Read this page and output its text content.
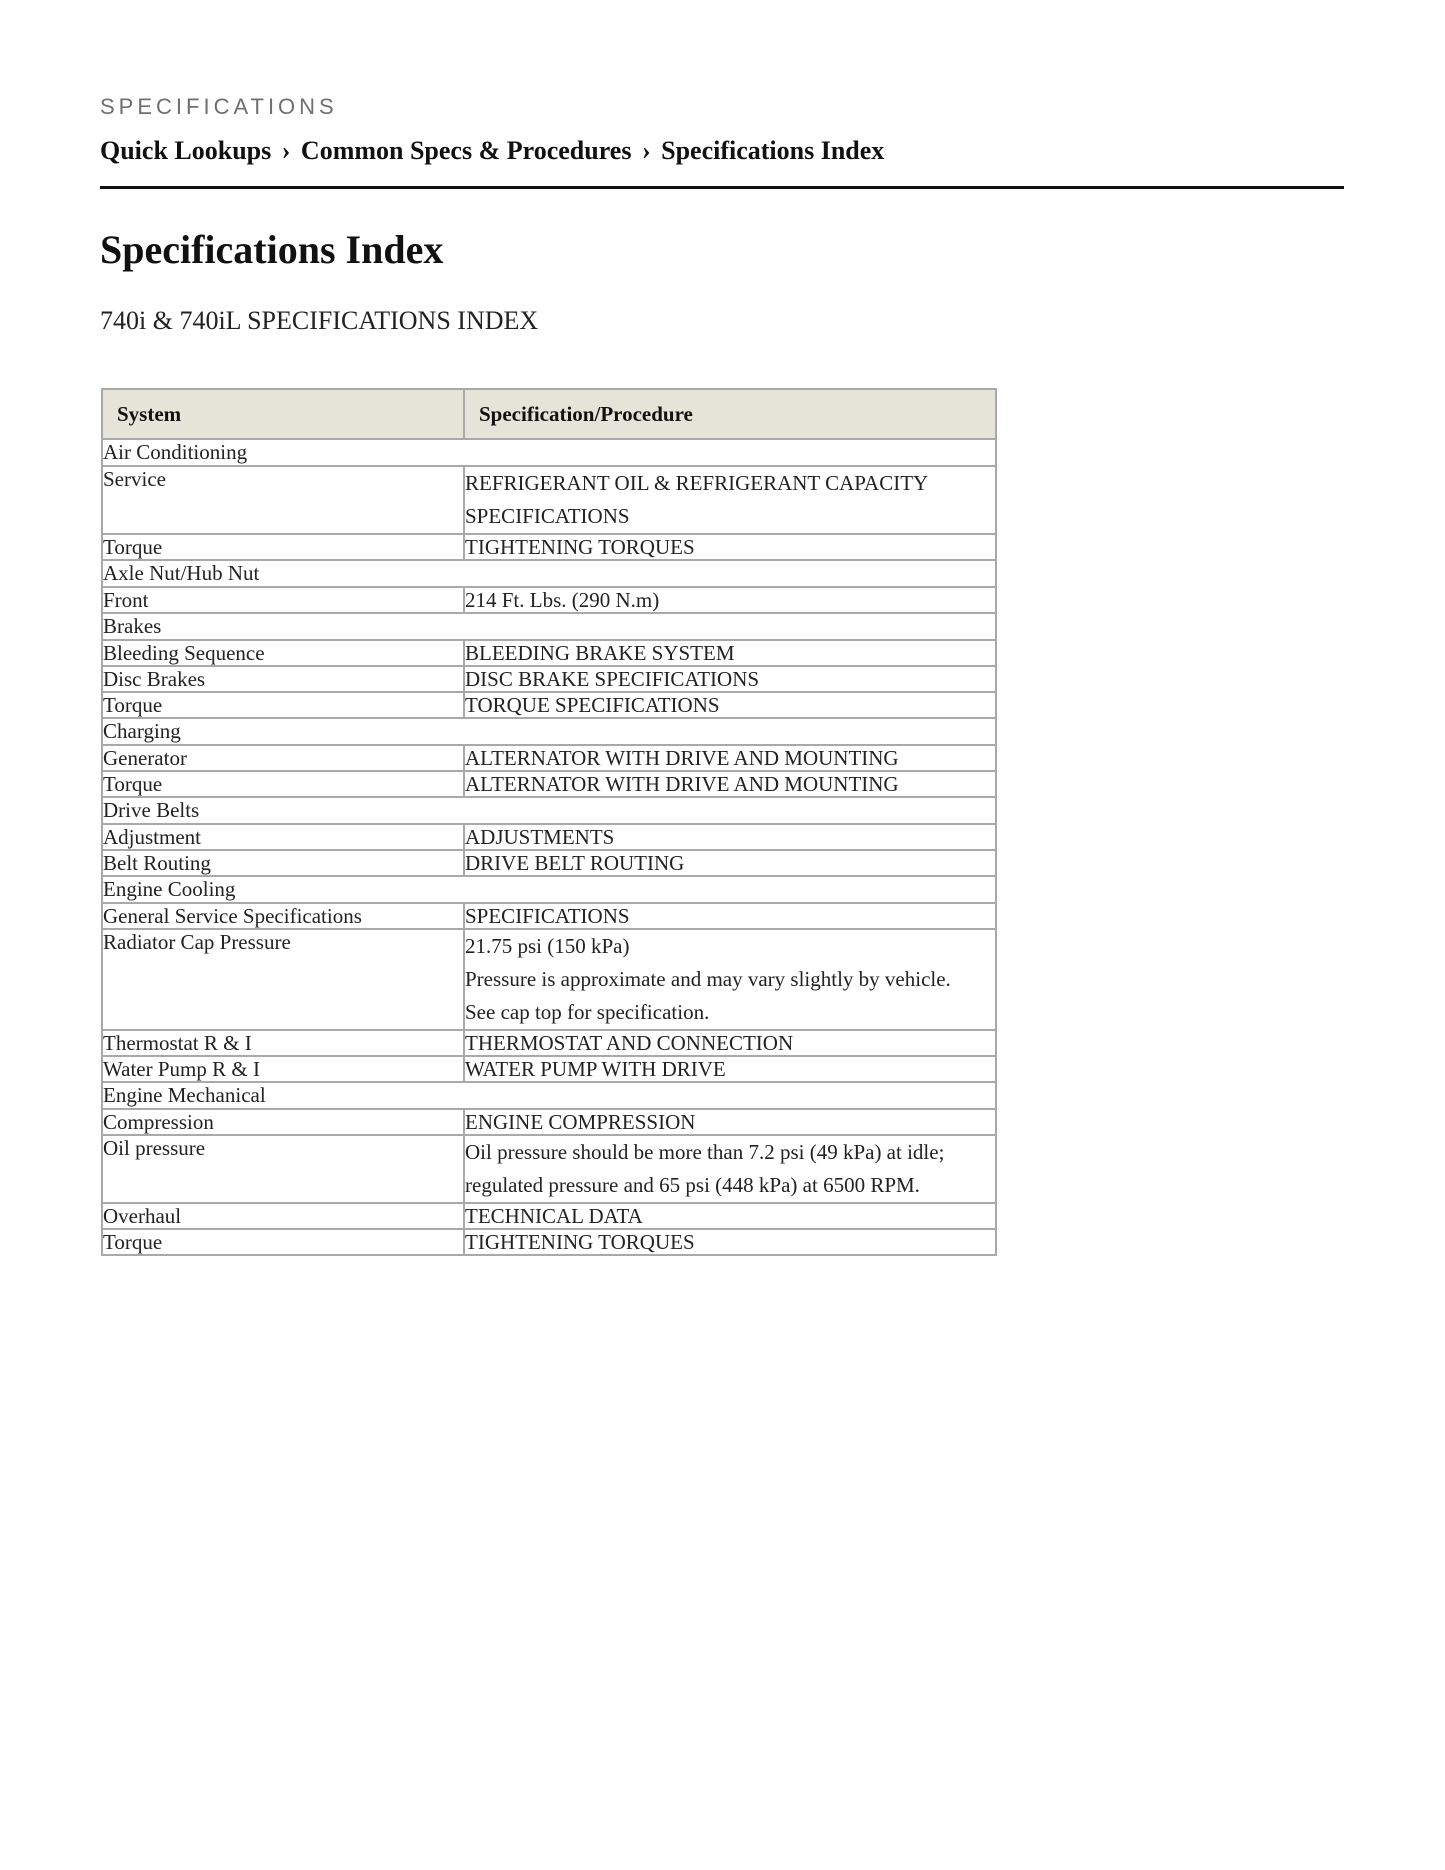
SPECIFICATIONS
Quick Lookups › Common Specs & Procedures › Specifications Index
Specifications Index
740i & 740iL SPECIFICATIONS INDEX
System	Specification/Procedure
Air Conditioning	
Service	REFRIGERANT OIL & REFRIGERANT CAPACITY
SPECIFICATIONS

Torque	TIGHTENING TORQUES

Axle Nut/Hub Nut	
Front	214 Ft. Lbs. (290 N.m)

Brakes	
Bleeding Sequence	BLEEDING BRAKE SYSTEM

Disc Brakes	DISC BRAKE SPECIFICATIONS

Torque	TORQUE SPECIFICATIONS

Charging	
Generator	ALTERNATOR WITH DRIVE AND MOUNTING

Torque	ALTERNATOR WITH DRIVE AND MOUNTING

Drive Belts	
Adjustment	ADJUSTMENTS

Belt Routing	DRIVE BELT ROUTING

Engine Cooling	
General Service Specifications	SPECIFICATIONS

Radiator Cap Pressure	21.75 psi (150 kPa)
Pressure is approximate and may vary slightly by vehicle.
See cap top for specification.

Thermostat R & I	THERMOSTAT AND CONNECTION

Water Pump R & I	WATER PUMP WITH DRIVE

Engine Mechanical	
Compression	ENGINE COMPRESSION

Oil pressure	Oil pressure should be more than 7.2 psi (49 kPa) at idle;
regulated pressure and 65 psi (448 kPa) at 6500 RPM.

Overhaul	TECHNICAL DATA

Torque	TIGHTENING TORQUES
